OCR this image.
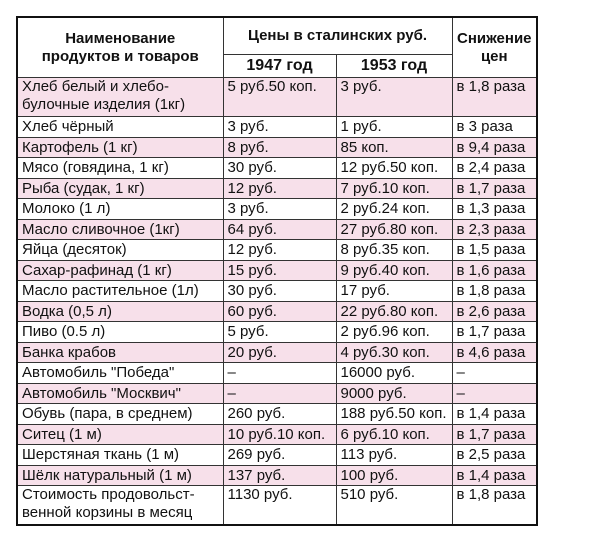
Наименование
продуктов и товаров	Цены в сталинских руб.		Снижение
цен
	1947 год	1953 год	
Хлеб белый и хлебо-
булочные изделия (1кг)	5 руб.50 коп.	3 руб.	в 1,8 раза
Хлеб чёрный	3 руб.	1 руб.	в 3 раза
Картофель (1 кг)	8 руб.	85 коп.	в 9,4 раза
Мясо (говядина, 1 кг)	30 руб.	12 руб.50 коп.	в 2,4 раза
Рыба (судак, 1 кг)	12 руб.	7 руб.10 коп.	в 1,7 раза
Молоко (1 л)	3 руб.	2 руб.24 коп.	в 1,3 раза
Масло сливочное (1кг)	64 руб.	27 руб.80 коп.	в 2,3 раза
Яйца (десяток)	12 руб.	8 руб.35 коп.	в 1,5 раза
Сахар-рафинад (1 кг)	15 руб.	9 руб.40 коп.	в 1,6 раза
Масло растительное (1л)	30 руб.	17 руб.	в 1,8 раза
Водка (0,5 л)	60 руб.	22 руб.80 коп.	в 2,6 раза
Пиво (0.5 л)	5 руб.	2 руб.96 коп.	в 1,7 раза
Банка крабов	20 руб.	4 руб.30 коп.	в 4,6 раза
Автомобиль "Победа"	–	16000 руб.	–
Автомобиль "Москвич"	–	9000 руб.	–
Обувь (пара, в среднем)	260 руб.	188 руб.50 коп.	в 1,4 раза
Ситец (1 м)	10 руб.10 коп.	6 руб.10 коп.	в 1,7 раза
Шерстяная ткань (1 м)	269 руб.	113 руб.	в 2,5 раза
Шёлк натуральный (1 м)	137 руб.	100 руб.	в 1,4 раза
Стоимость продовольст-
венной корзины в месяц	1130 руб.	510 руб.	в 1,8 раза
